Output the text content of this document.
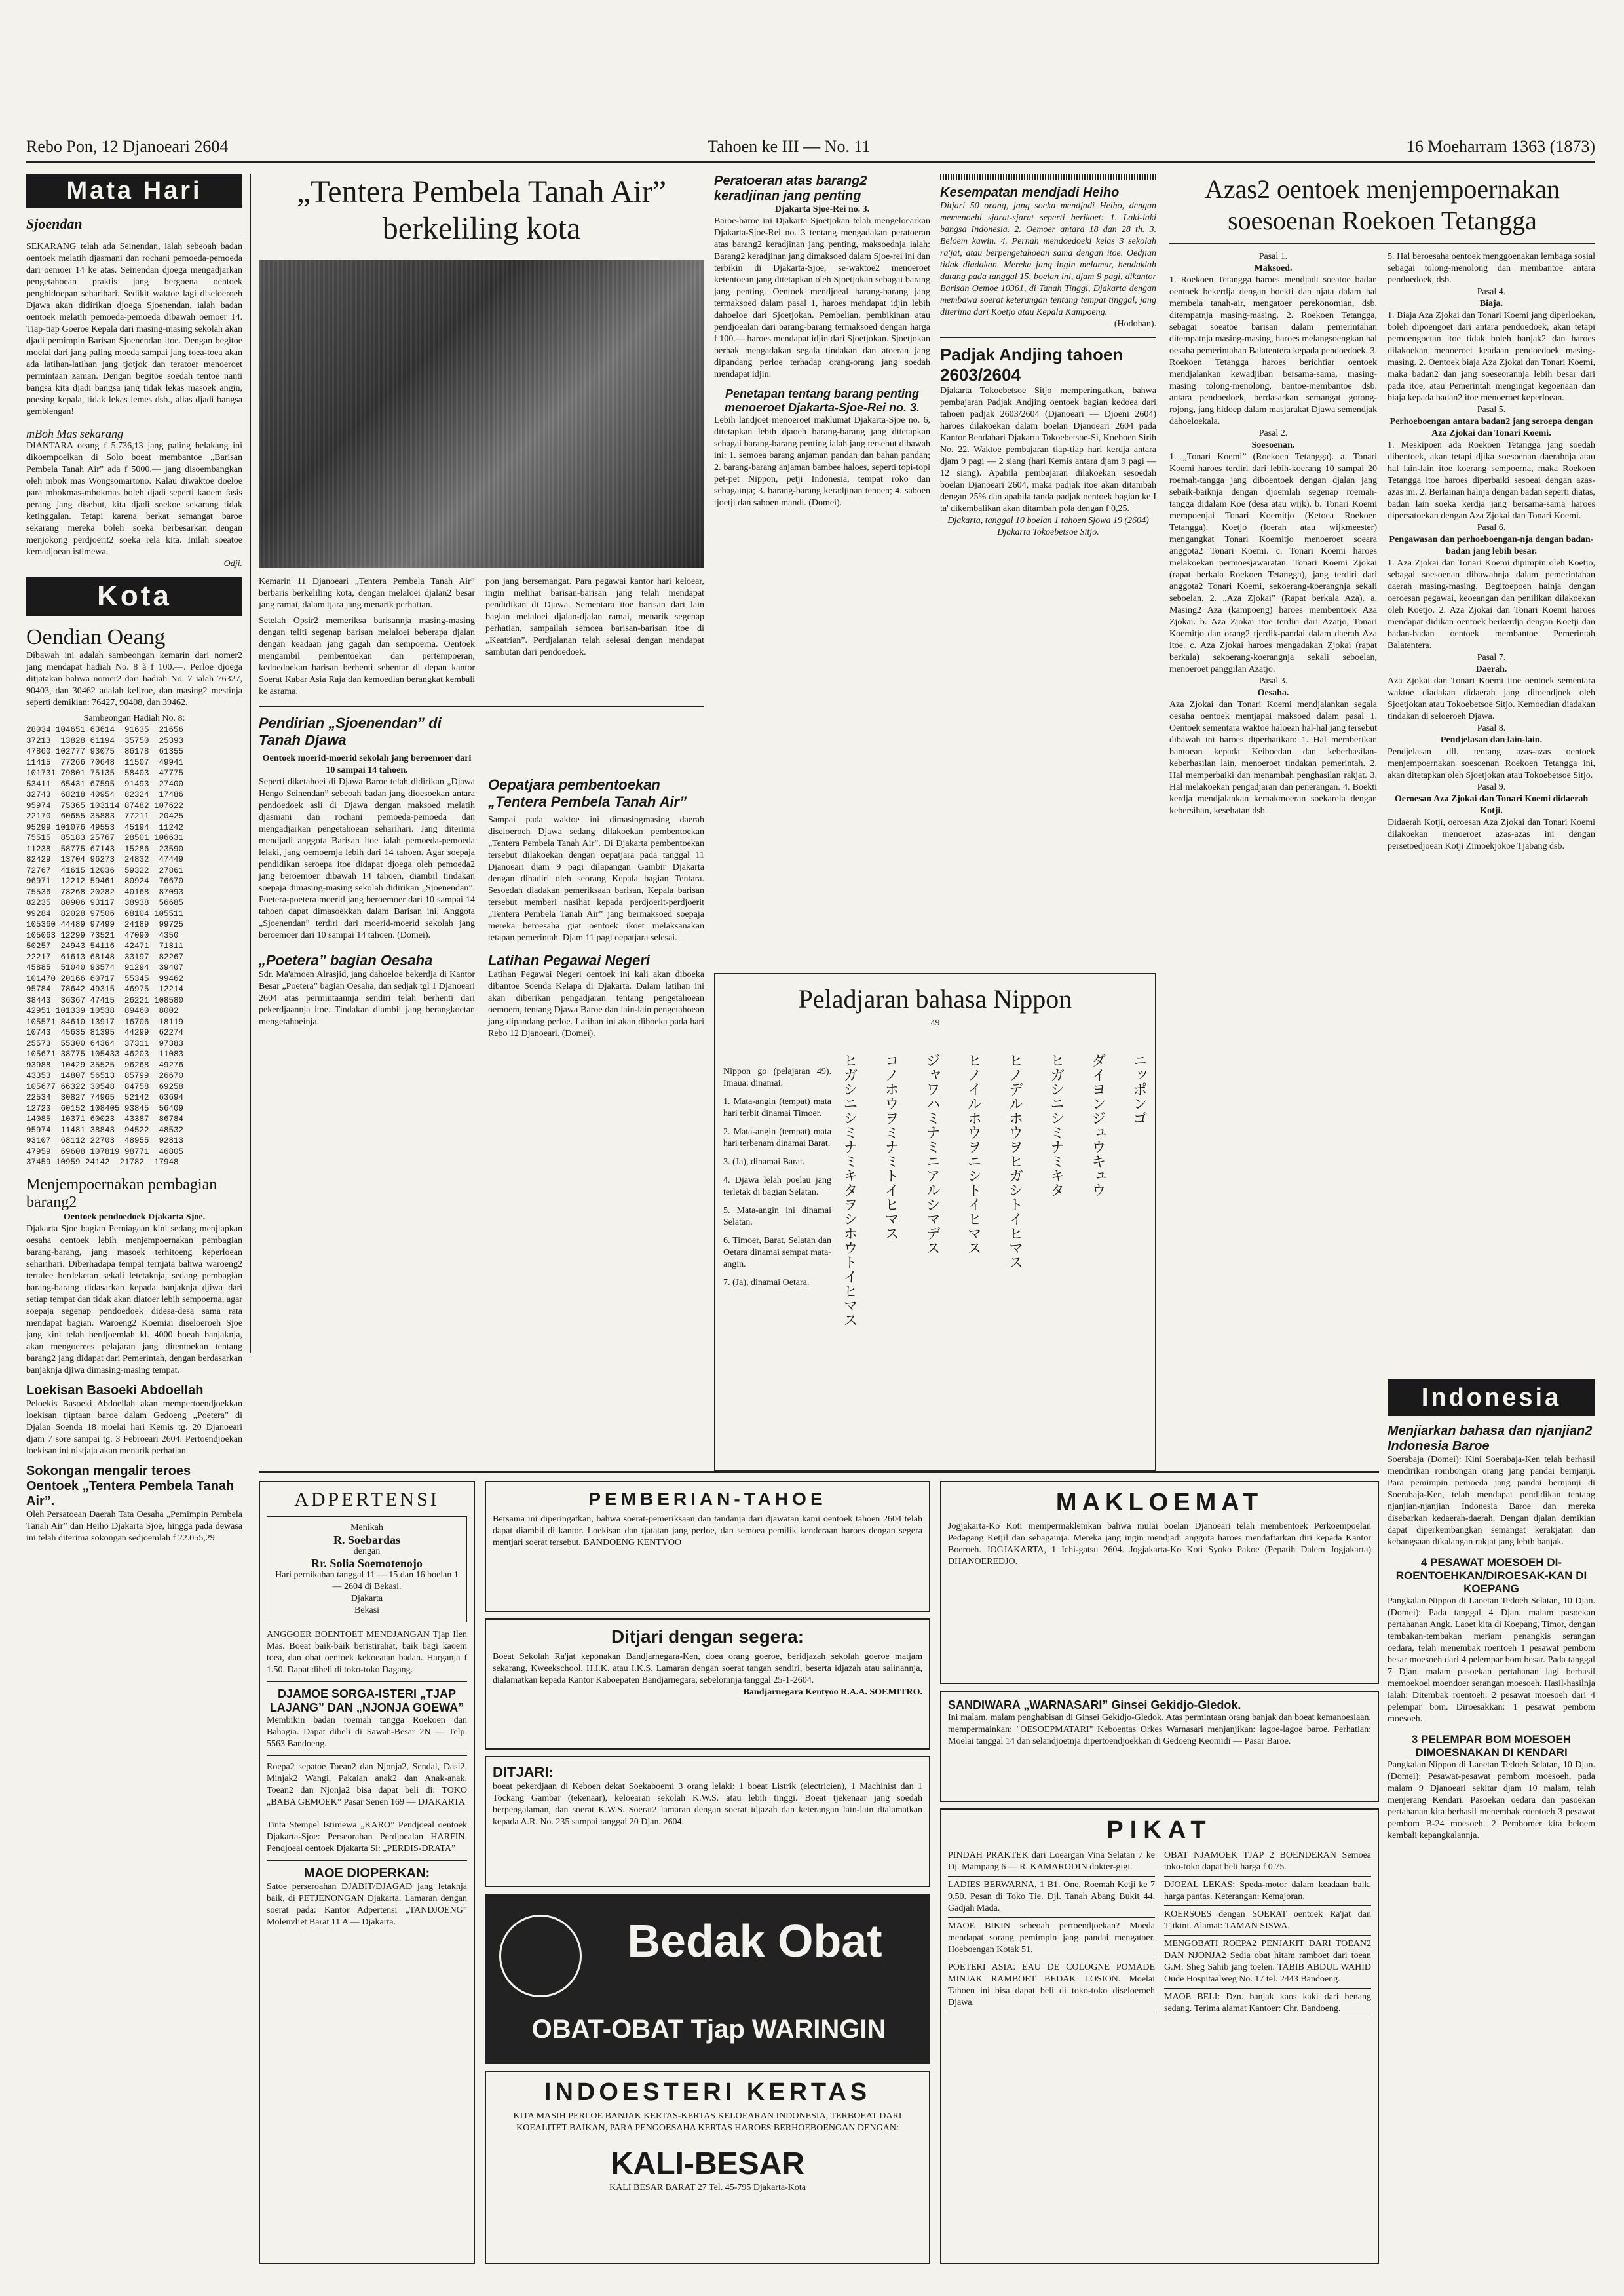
Rebo Pon, 12 Djanoeari 2604	Tahoen ke III — No. 11	16 Moeharram 1363 (1873)
Mata Hari

Sjoendan

SEKARANG telah ada Seinendan, ialah sebeoah badan oentoek melatih djasmani dan rochani pemoeda-pemoeda dari oemoer 14 ke atas. Seinendan djoega mengadjarkan pengetahoean praktis jang bergoena oentoek penghidoepan seharihari. Sedikit waktoe lagi diseloeroeh Djawa akan didirikan djoega Sjoenendan, ialah badan oentoek melatih pemoeda-pemoeda dibawah oemoer 14. Tiap-tiap Goeroe Kepala dari masing-masing sekolah akan djadi pemimpin Barisan Sjoenendan itoe. Dengan begitoe moelai dari jang paling moeda sampai jang toea-toea akan ada latihan-latihan jang tjotjok dan teratoer menoeroet permintaan zaman. Dengan begitoe soedah tentoe nanti bangsa kita djadi bangsa jang tidak lekas masoek angin, poesing kepala, tidak lekas lemes dsb., alias djadi bangsa gemblengan!

mBoh Mas sekarang

DIANTARA oeang f 5.736,13 jang paling belakang ini dikoempoelkan di Solo boeat membantoe „Barisan Pembela Tanah Air” ada f 5000.— jang disoembangkan oleh mbok mas Wongsomartono. Kalau diwaktoe doeloe para mbokmas-mbokmas boleh djadi seperti kaoem fasis perang jang disebut, kita djadi soekoe sekarang tidak ketinggalan. Tetapi karena berkat semangat baroe sekarang mereka boleh soeka berbesarkan dengan menjokong perdjoerit2 soeka rela kita. Inilah soeatoe kemadjoean istimewa.

Odji.

Kota

Oendian Oeang

Dibawah ini adalah sambeongan kemarin dari nomer2 jang mendapat hadiah No. 8 à f 100.—. Perloe djoega ditjatakan bahwa nomer2 dari hadiah No. 7 ialah 76327, 90403, dan 30462 adalah keliroe, dan masing2 mestinja seperti demikian: 76427, 90408, dan 39462.

Sambeongan Hadiah No. 8:

28034 104651 63614  91635  21656

37213  13828 61194  35750  25393

47860 102777 93075  86178  61355

11415  77266 70648  11507  49941

101731 79801 75135  58403  47775

53411  65431 67595  91493  27400

32743  68218 40954  82324  17486

95974  75365 103114 87482 107622

22170  60655 35883  77211  20425

95299 101076 49553  45194  11242

75515  85183 25767  28501 106631

11238  58775 67143  15286  23590

82429  13704 96273  24832  47449

72767  41615 12036  59322  27861

96971  12212 59461  80924  76670

75536  78268 20282  40168  87093

82235  80906 93117  38938  56685

99284  82028 97506  68104 105511

105360 44489 97499  24189  99725

105063 12299 73521  47090  4350

50257  24943 54116  42471  71811

22217  61613 68148  33197  82267

45885  51040 93574  91294  39407

101470 20166 60717  55345  99462

95784  78642 49315  46975  12214

38443  36367 47415  26221 108580

42951 101339 10538  89460  8002

105571 84610 13917  16706  18119

10743  45635 81395  44299  62274

25573  55300 64364  37311  97383

105671 38775 105433 46203  11083

93988  10429 35525  96268  49276

43353  14807 56513  85799  26670

105677 66322 30548  84758  69258

22534  30827 74965  52142  63694

12723  60152 108405 93845  56409

14085  10371 60023  43387  86784

95974  11481 38843  94522  48532

93107  68112 22703  48955  92813

47959  69608 107819 98771  46805

37459 10959 24142  21782  17948

Menjempoernakan pembagian barang2

Oentoek pendoedoek Djakarta Sjoe.

Djakarta Sjoe bagian Perniagaan kini sedang menjiapkan oesaha oentoek lebih menjempoernakan pembagian barang-barang, jang masoek terhitoeng keperloean seharihari. Diberhadapa tempat ternjata bahwa waroeng2 tertalee berdeketan sekali letetaknja, sedang pembagian barang-barang didasarkan kepada banjaknja djiwa dari setiap tempat dan tidak akan diatoer lebih sempoerna, agar soepaja segenap pendoedoek didesa-desa sama rata mendapat bagian. Waroeng2 Koemiai diseloeroeh Sjoe jang kini telah berdjoemlah kl. 4000 boeah banjaknja, akan mengoerees pelajaran jang ditentoekan tentang barang2 jang didapat dari Pemerintah, dengan berdasarkan banjaknja djiwa dimasing-masing tempat.

Loekisan Basoeki Abdoellah

Peloekis Basoeki Abdoellah akan mempertoendjoekkan loekisan tjiptaan baroe dalam Gedoeng „Poetera” di Djalan Soenda 18 moelai hari Kemis tg. 20 Djanoeari djam 7 sore sampai tg. 3 Febroeari 2604. Pertoendjoekan loekisan ini nistjaja akan menarik perhatian.

Sokongan mengalir teroes Oentoek „Tentera Pembela Tanah Air”.

Oleh Persatoean Daerah Tata Oesaha „Pemimpin Pembela Tanah Air” dan Heiho Djakarta Sjoe, hingga pada dewasa ini telah diterima sokongan sedjoemlah f 22.055,29

„Tentera Pembela Tanah Air” berkeliling kota

Kemarin 11 Djanoeari „Tentera Pembela Tanah Air” berbaris berkeliling kota, dengan melaloei djalan2 besar jang ramai, dalam tjara jang menarik perhatian.

Setelah Opsir2 memeriksa barisannja masing-masing dengan teliti segenap barisan melaloei beberapa djalan dengan keadaan jang gagah dan sempoerna. Oentoek mengambil pembentoekan dan pertempoeran, kedoedoekan barisan berhenti sebentar di depan kantor Soerat Kabar Asia Raja dan kemoedian berangkat kembali ke asrama.

pon jang bersemangat. Para pegawai kantor hari keloear, ingin melihat barisan-barisan jang telah mendapat pendidikan di Djawa. Sementara itoe barisan dari lain bagian melaloei djalan-djalan ramai, menarik segenap perhatian, sampailah semoea barisan-barisan itoe di „Keatrian”. Perdjalanan telah selesai dengan mendapat sambutan dari pendoedoek.

Pendirian „Sjoenendan” di Tanah Djawa

Oentoek moerid-moerid sekolah jang beroemoer dari 10 sampai 14 tahoen.

Seperti diketahoei di Djawa Baroe telah didirikan „Djawa Hengo Seinendan” sebeoah badan jang dioesoekan antara pendoedoek asli di Djawa dengan maksoed melatih djasmani dan rochani pemoeda-pemoeda dan mengadjarkan pengetahoean seharihari. Jang diterima mendjadi anggota Barisan itoe ialah pemoeda-pemoeda lelaki, jang oemoernja lebih dari 14 tahoen. Agar soepaja pendidikan seroepa itoe didapat djoega oleh pemoeda2 jang beroemoer dibawah 14 tahoen, diambil tindakan soepaja dimasing-masing sekolah didirikan „Sjoenendan”. Poetera-poetera moerid jang beroemoer dari 10 sampai 14 tahoen dapat dimasoekkan dalam Barisan ini. Anggota „Sjoenendan” terdiri dari moerid-moerid sekolah jang beroemoer dari 10 sampai 14 tahoen. (Domei).

„Poetera” bagian Oesaha

Sdr. Ma'amoen Alrasjid, jang dahoeloe bekerdja di Kantor Besar „Poetera” bagian Oesaha, dan sedjak tgl 1 Djanoeari 2604 atas permintaannja sendiri telah berhenti dari pekerdjaannja itoe. Tindakan diambil jang berangkoetan mengetahoeinja.

Oepatjara pembentoekan „Tentera Pembela Tanah Air”

Sampai pada waktoe ini dimasingmasing daerah diseloeroeh Djawa sedang dilakoekan pembentoekan „Tentera Pembela Tanah Air”. Di Djakarta pembentoekan tersebut dilakoekan dengan oepatjara pada tanggal 11 Djanoeari djam 9 pagi dilapangan Gambir Djakarta dengan dihadiri oleh seorang Kepala bagian Tentara. Sesoedah diadakan pemeriksaan barisan, Kepala barisan tersebut memberi nasihat kepada perdjoerit-perdjoerit „Tentera Pembela Tanah Air” jang bermaksoed soepaja mereka beroesaha giat oentoek ikoet melaksanakan tetapan pemerintah. Djam 11 pagi oepatjara selesai.

Latihan Pegawai Negeri

Latihan Pegawai Negeri oentoek ini kali akan diboeka dibantoe Soenda Kelapa di Djakarta. Dalam latihan ini akan diberikan pengadjaran tentang pengetahoean oemoem, tentang Djawa Baroe dan lain-lain pengetahoean jang dipandang perloe. Latihan ini akan diboeka pada hari Rebo 12 Djanoeari. (Domei).

Peratoeran atas barang2 keradjinan jang penting

Djakarta Sjoe-Rei no. 3.

Baroe-baroe ini Djakarta Sjoetjokan telah mengeloearkan Djakarta-Sjoe-Rei no. 3 tentang mengadakan peratoeran atas barang2 keradjinan jang penting, maksoednja ialah: Barang2 keradjinan jang dimaksoed dalam Sjoe-rei ini dan terbikin di Djakarta-Sjoe, se-waktoe2 menoeroet ketentoean jang ditetapkan oleh Sjoetjokan sebagai barang jang penting. Oentoek mendjoeal barang-barang jang termaksoed dalam pasal 1, haroes mendapat idjin lebih dahoeloe dari Sjoetjokan. Pembelian, pembikinan atau pendjoealan dari barang-barang termaksoed dengan harga f 100.— haroes mendapat idjin dari Sjoetjokan. Sjoetjokan berhak mengadakan segala tindakan dan atoeran jang dipandang perloe terhadap orang-orang jang soedah mendapat idjin.

Penetapan tentang barang penting menoeroet Djakarta-Sjoe-Rei no. 3.

Lebih landjoet menoeroet maklumat Djakarta-Sjoe no. 6, ditetapkan lebih djaoeh barang-barang jang ditetapkan sebagai barang-barang penting ialah jang tersebut dibawah ini: 1. semoea barang anjaman pandan dan bahan pandan; 2. barang-barang anjaman bambee haloes, seperti topi-topi pet-pet Nippon, petji Indonesia, tempat roko dan sebagainja; 3. barang-barang keradjinan tenoen; 4. saboen tjoetji dan saboen mandi. (Domei).

Kesempatan mendjadi Heiho

Ditjari 50 orang, jang soeka mendjadi Heiho, dengan memenoehi sjarat-sjarat seperti berikoet: 1. Laki-laki bangsa Indonesia. 2. Oemoer antara 18 dan 28 th. 3. Beloem kawin. 4. Pernah mendoedoeki kelas 3 sekolah ra'jat, atau berpengetahoean sama dengan itoe. Oedjian tidak diadakan. Mereka jang ingin melamar, hendaklah datang pada tanggal 15, boelan ini, djam 9 pagi, dikantor Barisan Oemoe 10361, di Tanah Tinggi, Djakarta dengan membawa soerat keterangan tentang tempat tinggal, jang diterima dari Koetjo atau Kepala Kampoeng.

(Hodohan).

Padjak Andjing tahoen 2603/2604

Djakarta Tokoebetsoe Sitjo memperingatkan, bahwa pembajaran Padjak Andjing oentoek bagian kedoea dari tahoen padjak 2603/2604 (Djanoeari — Djoeni 2604) haroes dilakoekan dalam boelan Djanoeari 2604 pada Kantor Bendahari Djakarta Tokoebetsoe-Si, Koeboen Sirih No. 22. Waktoe pembajaran tiap-tiap hari kerdja antara djam 9 pagi — 2 siang (hari Kemis antara djam 9 pagi — 12 siang). Apabila pembajaran dilakoekan sesoedah boelan Djanoeari 2604, maka padjak itoe akan ditambah dengan 25% dan apabila tanda padjak oentoek bagian ke I ta' dikembalikan akan ditambah pola dengan f 0,25.

Djakarta, tanggal 10 boelan 1 tahoen Sjowa 19 (2604) Djakarta Tokoebetsoe Sitjo.

Peladjaran bahasa Nippon

49

Nippon go (pelajaran 49). Imaua: dinamai.

1. Mata-angin (tempat) mata hari terbit dinamai Timoer.

2. Mata-angin (tempat) mata hari terbenam dinamai Barat.

3. (Ja), dinamai Barat.

4. Djawa lelah poelau jang terletak di bagian Selatan.

5. Mata-angin ini dinamai Selatan.

6. Timoer, Barat, Selatan dan Oetara dinamai sempat mata-angin.

7. (Ja), dinamai Oetara.

ニッポンゴ
ダイヨンジュウキュウ
ヒガシニシミナミキタ
ヒノデルホウヲヒガシトイヒマス
ヒノイルホウヲニシトイヒマス
ジャワハミナミニアルシマデス
コノホウヲミナミトイヒマス
ヒガシニシミナミキタヲシホウトイヒマス

Azas2 oentoek menjempoernakan soesoenan Roekoen Tetangga

Pasal 1.

Maksoed.

1. Roekoen Tetangga haroes mendjadi soeatoe badan oentoek bekerdja dengan boekti dan njata dalam hal membela tanah-air, mengatoer perekonomian, dsb. ditempatnja masing-masing. 2. Roekoen Tetangga, sebagai soeatoe barisan dalam pemerintahan ditempatnja masing-masing, haroes melangsoengkan hal oesaha pemerintahan Balatentera kepada pendoedoek. 3. Roekoen Tetangga haroes berichtiar oentoek mendjalankan kewadjiban bersama-sama, masing-masing tolong-menolong, bantoe-membantoe dsb. antara pendoedoek, berdasarkan semangat gotong-rojong, jang hidoep dalam masjarakat Djawa semendjak dahoeloekala.

Pasal 2.

Soesoenan.

1. „Tonari Koemi” (Roekoen Tetangga). a. Tonari Koemi haroes terdiri dari lebih-koerang 10 sampai 20 roemah-tangga jang diboentoek dengan djalan jang sebaik-baiknja dengan djoemlah segenap roemah-tangga didalam Koe (desa atau wijk). b. Tonari Koemi mempoenjai Tonari Koemitjo (Ketoea Roekoen Tetangga). Koetjo (loerah atau wijkmeester) mengangkat Tonari Koemitjo menoeroet soeara anggota2 Tonari Koemi. c. Tonari Koemi haroes melakoekan permoesjawaratan. Tonari Koemi Zjokai (rapat berkala Roekoen Tetangga), jang terdiri dari anggota2 Tonari Koemi, sekoerang-koerangnja sekali seboelan. 2. „Aza Zjokai” (Rapat berkala Aza). a. Masing2 Aza (kampoeng) haroes membentoek Aza Zjokai. b. Aza Zjokai itoe terdiri dari Azatjo, Tonari Koemitjo dan orang2 tjerdik-pandai dalam daerah Aza itoe. c. Aza Zjokai haroes mengadakan Zjokai (rapat berkala) sekoerang-koerangnja sekali seboelan, menoeroet panggilan Azatjo.

Pasal 3.

Oesaha.

Aza Zjokai dan Tonari Koemi mendjalankan segala oesaha oentoek mentjapai maksoed dalam pasal 1. Oentoek sementara waktoe haloean hal-hal jang tersebut dibawah ini haroes diperhatikan: 1. Hal memberikan bantoean kepada Keiboedan dan keberhasilan-keberhasilan lain, menoeroet tindakan pemerintah. 2. Hal memperbaiki dan menambah penghasilan rakjat. 3. Hal melakoekan pengadjaran dan penerangan. 4. Boekti kerdja mendjalankan kemakmoeran soekarela dengan kebersihan, kesehatan dsb.

5. Hal beroesaha oentoek menggoenakan lembaga sosial sebagai tolong-menolong dan membantoe antara pendoedoek, dsb.

Pasal 4.

Biaja.

1. Biaja Aza Zjokai dan Tonari Koemi jang diperloekan, boleh dipoengoet dari antara pendoedoek, akan tetapi pemoengoetan itoe tidak boleh banjak2 dan haroes dilakoekan menoeroet keadaan pendoedoek masing-masing. 2. Oentoek biaja Aza Zjokai dan Tonari Koemi, maka badan2 dan jang soeseorannja lebih besar dari pada itoe, atau Pemerintah mengingat kegoenaan dan biaja kepada badan2 itoe menoeroet keperloean.

Pasal 5.

Perhoeboengan antara badan2 jang seroepa dengan Aza Zjokai dan Tonari Koemi.

1. Meskipoen ada Roekoen Tetangga jang soedah dibentoek, akan tetapi djika soesoenan daerahnja atau hal lain-lain itoe koerang sempoerna, maka Roekoen Tetangga itoe haroes diperbaiki sesoeai dengan azas-azas ini. 2. Berlainan halnja dengan badan seperti diatas, badan lain soeka kerdja jang bersama-sama haroes dipersatoekan dengan Aza Zjokai dan Tonari Koemi.

Pasal 6.

Pengawasan dan perhoeboengan-nja dengan badan-badan jang lebih besar.

1. Aza Zjokai dan Tonari Koemi dipimpin oleh Koetjo, sebagai soesoenan dibawahnja dalam pemerintahan daerah masing-masing. Begitoepoen halnja dengan oeroesan pegawai, keoeangan dan penilikan dilakoekan oleh Koetjo. 2. Aza Zjokai dan Tonari Koemi haroes mendapat didikan oentoek berkerdja dengan Koetji dan badan-badan oentoek membantoe Pemerintah Balatentera.

Pasal 7.

Daerah.

Aza Zjokai dan Tonari Koemi itoe oentoek sementara waktoe diadakan didaerah jang ditoendjoek oleh Sjoetjokan atau Tokoebetsoe Sitjo. Kemoedian diadakan tindakan di seloeroeh Djawa.

Pasal 8.

Pendjelasan dan lain-lain.

Pendjelasan dll. tentang azas-azas oentoek menjempoernakan soesoenan Roekoen Tetangga ini, akan ditetapkan oleh Sjoetjokan atau Tokoebetsoe Sitjo.

Pasal 9.

Oeroesan Aza Zjokai dan Tonari Koemi didaerah Kotji.

Didaerah Kotji, oeroesan Aza Zjokai dan Tonari Koemi dilakoekan menoeroet azas-azas ini dengan persetoedjoean Kotji Zimoekjokoe Tjabang dsb.

Indonesia

Menjiarkan bahasa dan njanjian2 Indonesia Baroe

Soerabaja (Domei): Kini Soerabaja-Ken telah berhasil mendirikan rombongan orang jang pandai bernjanji. Para pemimpin pemoeda jang pandai bernjanji di Soerabaja-Ken, telah mendapat pendidikan tentang njanjian-njanjian Indonesia Baroe dan mereka disebarkan kedaerah-daerah. Dengan djalan demikian dapat diperkembangkan semangat kerakjatan dan kebangsaan dikalangan rakjat jang lebih banjak.

4 PESAWAT MOESOEH DI-ROENTOEHKAN/DIROESAK-KAN DI KOEPANG

Pangkalan Nippon di Laoetan Tedoeh Selatan, 10 Djan. (Domei): Pada tanggal 4 Djan. malam pasoekan pertahanan Angk. Laoet kita di Koepang, Timor, dengan tembakan-tembakan meriam penangkis serangan oedara, telah menembak roentoeh 1 pesawat pembom besar moesoeh dari 4 pelempar bom besar. Pada tanggal 7 Djan. malam pasoekan pertahanan lagi berhasil memoekoel moendoer serangan moesoeh. Hasil-hasilnja ialah: Ditembak roentoeh: 2 pesawat moesoeh dari 4 pelempar bom. Diroesakkan: 1 pesawat pembom moesoeh.

3 PELEMPAR BOM MOESOEH DIMOESNAKAN DI KENDARI

Pangkalan Nippon di Laoetan Tedoeh Selatan, 10 Djan. (Domei): Pesawat-pesawat pembom moesoeh, pada malam 9 Djanoeari sekitar djam 10 malam, telah menjerang Kendari. Pasoekan oedara dan pasoekan pertahanan kita berhasil menembak roentoeh 3 pesawat pembom B-24 moesoeh. 2 Pembomer kita beloem kembali kepangkalannja.

ADPERTENSI

Menikah

R. Soebardas

dengan

Rr. Solia Soemotenojo

Hari pernikahan tanggal 11 — 15 dan 16 boelan 1 — 2604 di Bekasi.

Djakarta

Bekasi

ANGGOER BOENTOET MENDJANGAN Tjap Ilen Mas. Boeat baik-baik beristirahat, baik bagi kaoem toea, dan obat oentoek kekoeatan badan. Harganja f 1.50. Dapat dibeli di toko-toko Dagang.

DJAMOE SORGA-ISTERI „TJAP LAJANG” DAN „NJONJA GOEWA”

Membikin badan roemah tangga Roekoen dan Bahagia. Dapat dibeli di Sawah-Besar 2N — Telp. 5563 Bandoeng.

Roepa2 sepatoe Toean2 dan Njonja2, Sendal, Dasi2, Minjak2 Wangi, Pakaian anak2 dan Anak-anak. Toean2 dan Njonja2 bisa dapat beli di: TOKO „BABA GEMOEK” Pasar Senen 169 — DJAKARTA

Tinta Stempel Istimewa „KARO” Pendjoeal oentoek Djakarta-Sjoe: Perseorahan Perdjoealan HARFIN. Pendjoeal oentoek Djakarta Si: „PERDIS-DRATA”

MAOE DIOPERKAN:

Satoe perseroahan DJABIT/DJAGAD jang letaknja baik, di PETJENONGAN Djakarta. Lamaran dengan soerat pada: Kantor Adpertensi „TANDJOENG” Molenvliet Barat 11 A — Djakarta.

PEMBERIAN-TAHOE

Bersama ini diperingatkan, bahwa soerat-pemeriksaan dan tandanja dari djawatan kami oentoek tahoen 2604 telah dapat diambil di kantor. Loekisan dan tjatatan jang perloe, dan semoea pemilik kenderaan haroes dengan segera mentjari soerat tersebut. BANDOENG KENTYOO

Ditjari dengan segera:

Boeat Sekolah Ra'jat keponakan Bandjarnegara-Ken, doea orang goeroe, beridjazah sekolah goeroe matjam sekarang, Kweekschool, H.I.K. atau I.K.S. Lamaran dengan soerat tangan sendiri, beserta idjazah atau salinannja, dialamatkan kepada Kantor Kaboepaten Bandjarnegara, sebelomnja tanggal 25-1-2604.

Bandjarnegara Kentyoo R.A.A. SOEMITRO.

DITJARI:

boeat pekerdjaan di Keboen dekat Soekaboemi 3 orang lelaki: 1 boeat Listrik (electricien), 1 Machinist dan 1 Tockang Gambar (tekenaar), keloearan sekolah K.W.S. atau lebih tinggi. Boeat tjekenaar jang soedah berpengalaman, dan soerat K.W.S. Soerat2 lamaran dengan soerat idjazah dan keterangan lain-lain dialamatkan kepada A.R. No. 235 sampai tanggal 20 Djan. 2604.

Bedak Obat

OBAT-OBAT Tjap WARINGIN

INDOESTERI KERTAS

KITA MASIH PERLOE BANJAK KERTAS-KERTAS KELOEARAN INDONESIA, TERBOEAT DARI KOEALITET BAIKAN, PARA PENGOESAHA KERTAS HAROES BERHOEBOENGAN DENGAN:

KALI-BESAR

KALI BESAR BARAT 27 Tel. 45-795 Djakarta-Kota

MAKLOEMAT

Jogjakarta-Ko Koti mempermaklemkan bahwa mulai boelan Djanoeari telah membentoek Perkoempoelan Pedagang Ketjil dan sebagainja. Mereka jang ingin mendjadi anggota haroes mendaftarkan diri kepada Kantor Boeroeh. JOGJAKARTA, 1 Ichi-gatsu 2604. Jogjakarta-Ko Koti Syoko Pakoe (Pepatih Dalem Jogjakarta) DHANOEREDJO.

SANDIWARA „WARNASARI” Ginsei Gekidjo-Gledok.

Ini malam, malam penghabisan di Ginsei Gekidjo-Gledok. Atas permintaan orang banjak dan boeat kemanoesiaan, mempermainkan: "OESOEPMATARI" Keboentas Orkes Warnasari menjanjikan: lagoe-lagoe baroe. Perhatian: Moelai tanggal 14 dan selandjoetnja dipertoendjoekkan di Gedoeng Keomidi — Pasar Baroe.

PIKAT

PINDAH PRAKTEK dari Loeargan Vina Selatan 7 ke Dj. Mampang 6 — R. KAMARODIN dokter-gigi.

LADIES BERWARNA, 1 B1. One, Roemah Ketji ke 7 9.50. Pesan di Toko Tie. Djl. Tanah Abang Bukit 44. Gadjah Mada.

MAOE BIKIN sebeoah pertoendjoekan? Moeda mendapat sorang pemimpin jang pandai mengatoer. Hoeboengan Kotak 51.

POETERI ASIA: EAU DE COLOGNE POMADE MINJAK RAMBOET BEDAK LOSION. Moelai Tahoen ini bisa dapat beli di toko-toko diseloeroeh Djawa.

OBAT NJAMOEK TJAP 2 BOENDERAN Semoea toko-toko dapat beli harga f 0.75.

DJOEAL LEKAS: Speda-motor dalam keadaan baik, harga pantas. Keterangan: Kemajoran.

KOERSOES dengan SOERAT oentoek Ra'jat dan Tjikini. Alamat: TAMAN SISWA.

MENGOBATI ROEPA2 PENJAKIT DARI TOEAN2 DAN NJONJA2 Sedia obat hitam ramboet dari toean G.M. Sheg Sahib jang toelen. TABIB ABDUL WAHID Oude Hospitaalweg No. 17 tel. 2443 Bandoeng.

MAOE BELI: Dzn. banjak kaos kaki dari benang sedang. Terima alamat Kantoer: Chr. Bandoeng.
